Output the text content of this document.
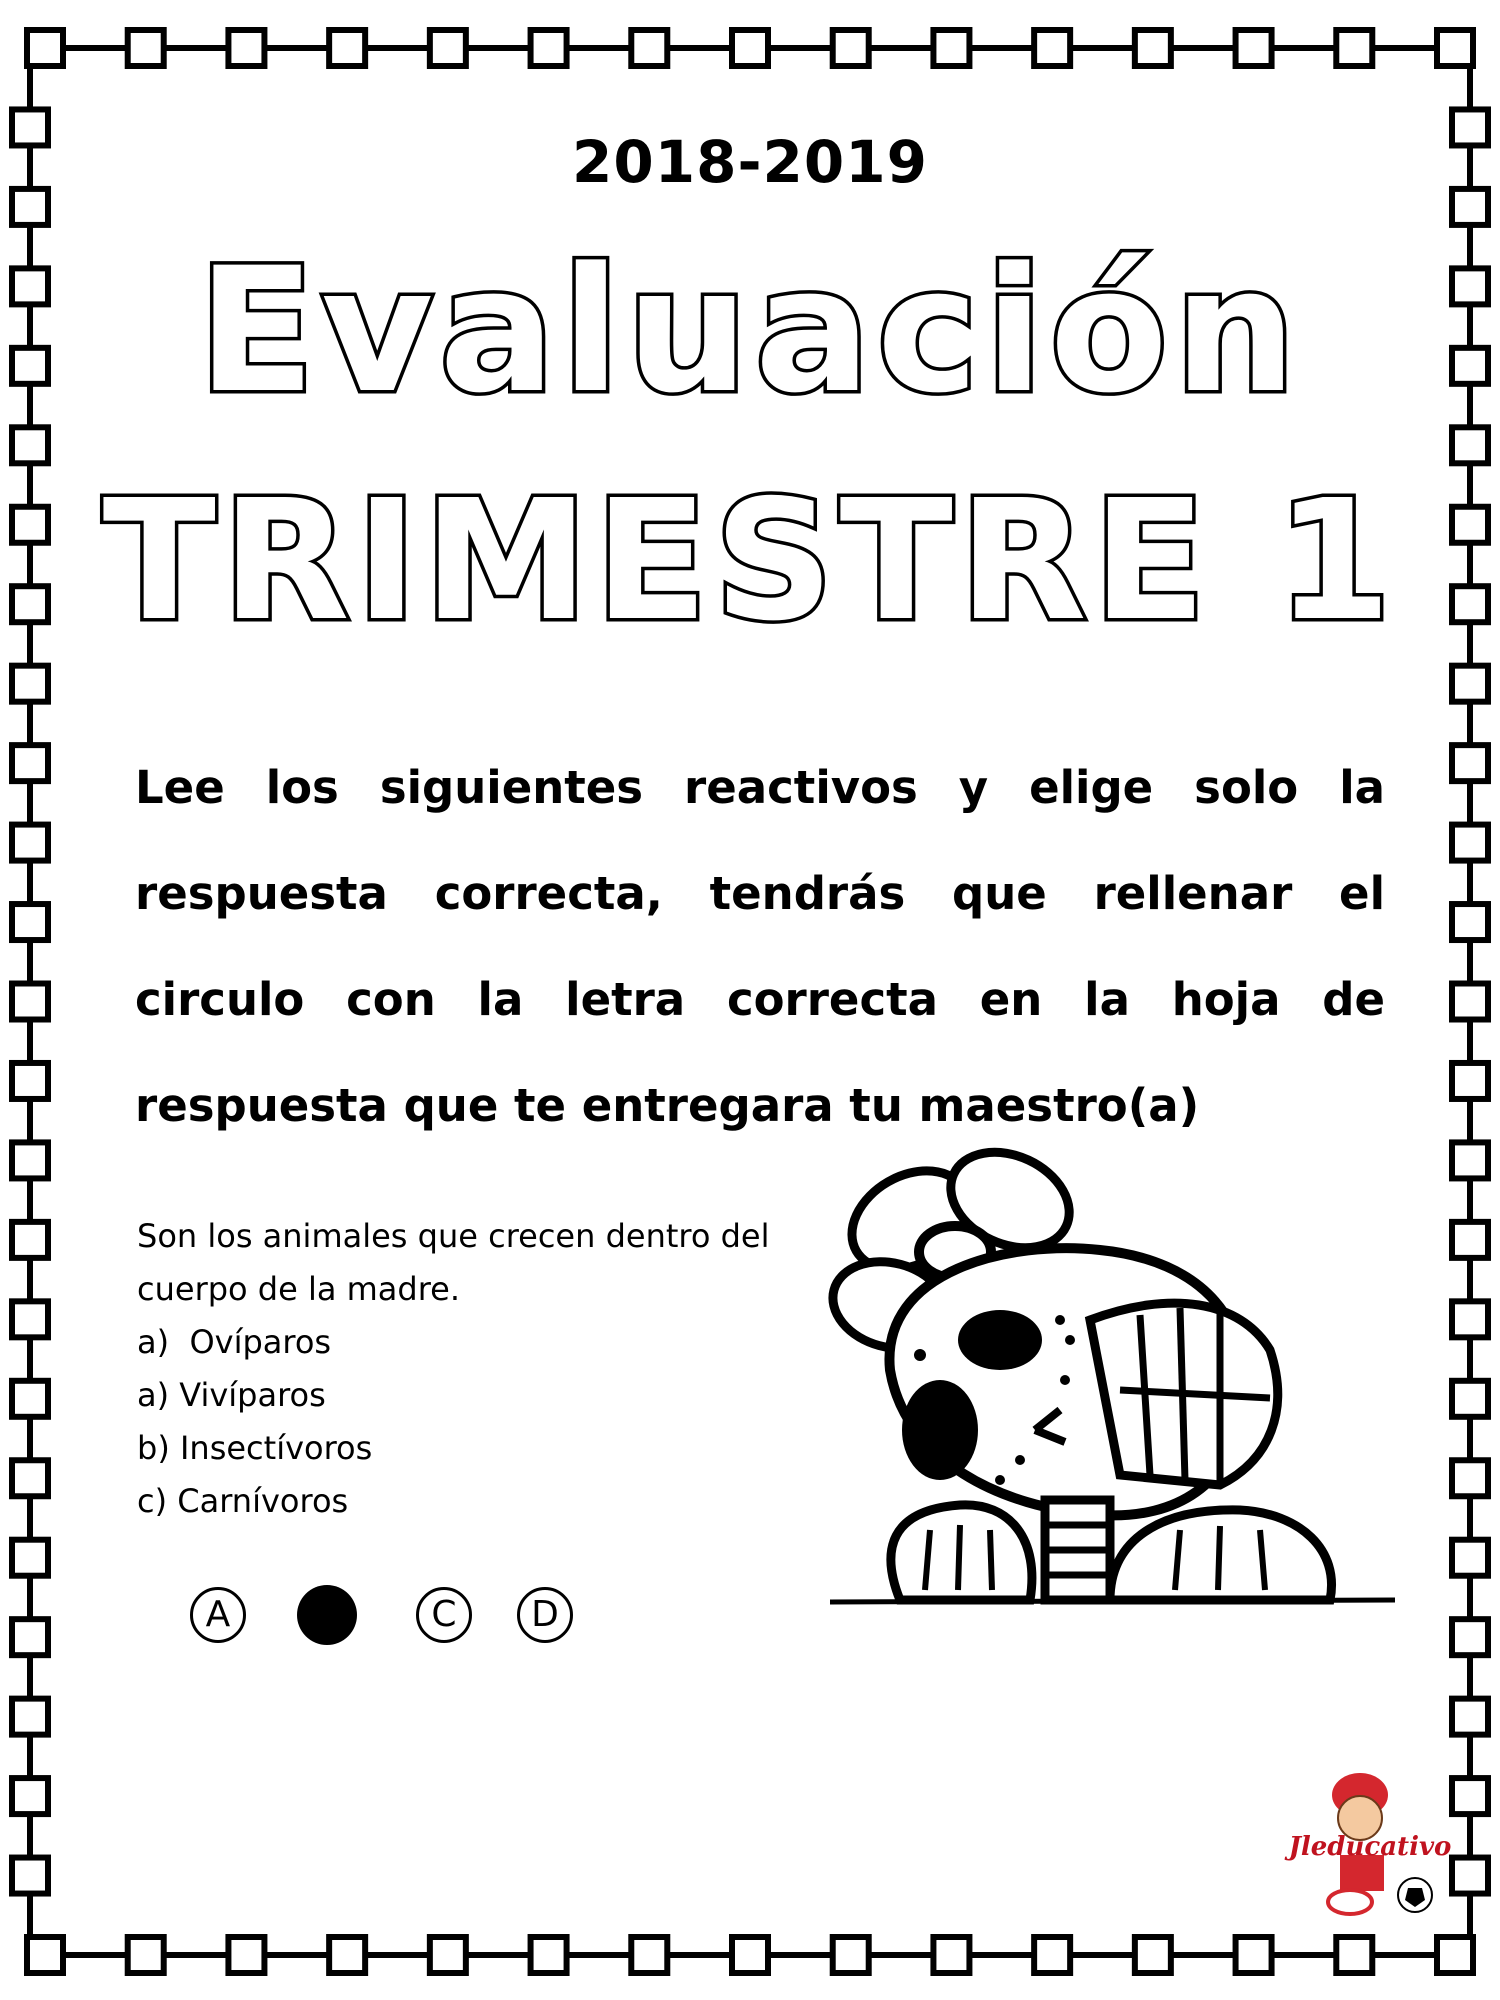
2018-2019
Evaluación
TRIMESTRE 1
Lee los siguientes reactivos y elige solo la respuesta correcta, tendrás que rellenar el circulo con la letra correcta en la hoja de respuesta que te entregara tu maestro(a)
Son los animales que crecen dentro del cuerpo de la madre.
a)  Ovíparos
a) Vivíparos
b) Insectívoros
c) Carnívoros
A	C	D
Jleducativo
